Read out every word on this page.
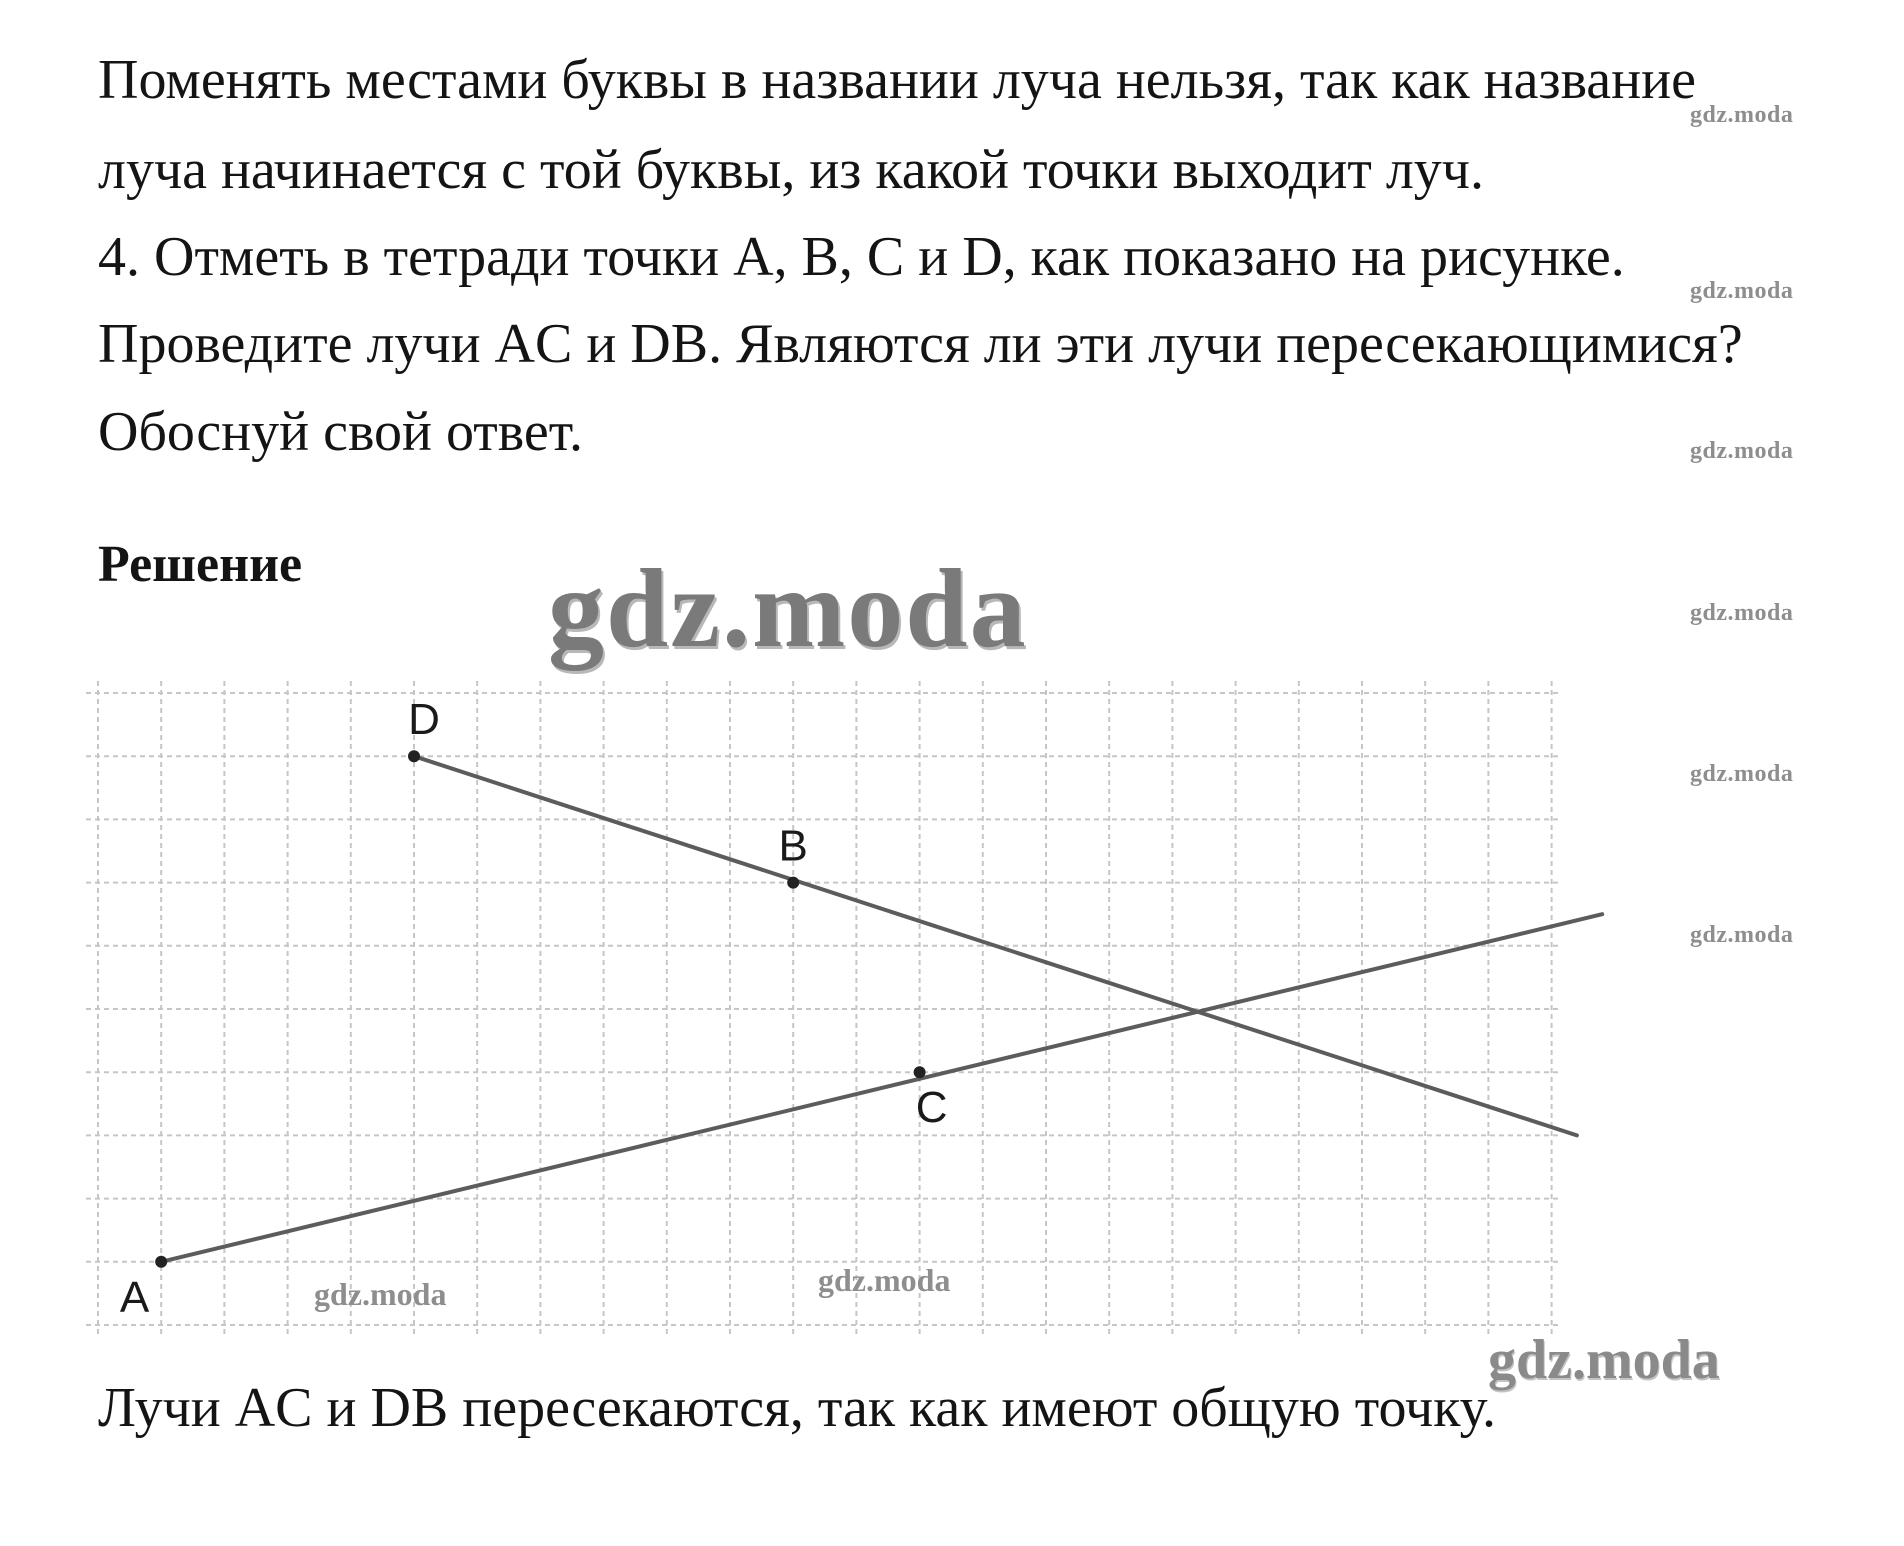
Поменять местами буквы в названии луча нельзя, так как название
луча начинается с той буквы, из какой точки выходит луч.
4. Отметь в тетради точки A, B, C и D, как показано на рисунке.
Проведите лучи AC и DB. Являются ли эти лучи пересекающимися?
Обоснуй свой ответ.
Решение
A
C
D
B
Лучи AC и DB пересекаются, так как имеют общую точку.
gdz.moda
gdz.moda
gdz.moda
gdz.moda
gdz.moda
gdz.moda
gdz.moda	gdz.moda
gdz.moda
gdz.moda
